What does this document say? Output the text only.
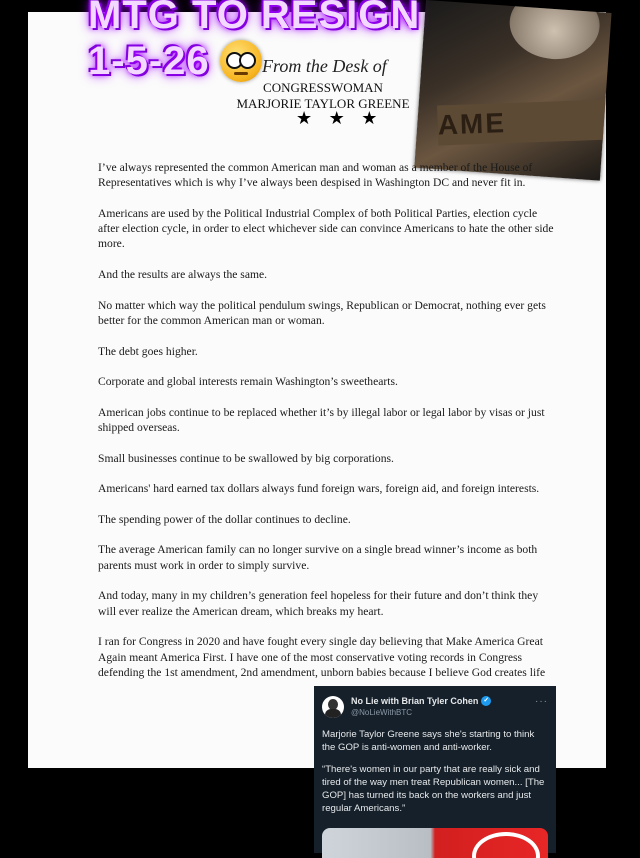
AME
MTG TO RESIGN
1-5-26	From the Desk of
CONGRESSWOMAN
MARJORIE TAYLOR GREENE
★ ★ ★

I’ve always represented the common American man and woman as a member of the House of Representatives which is why I’ve always been despised in Washington DC and never fit in.

Americans are used by the Political Industrial Complex of both Political Parties, election cycle after election cycle, in order to elect whichever side can convince Americans to hate the other side more.

And the results are always the same.

No matter which way the political pendulum swings, Republican or Democrat, nothing ever gets better for the common American man or woman.

The debt goes higher.

Corporate and global interests remain Washington’s sweethearts.

American jobs continue to be replaced whether it’s by illegal labor or legal labor by visas or just shipped overseas.

Small businesses continue to be swallowed by big corporations.

Americans' hard earned tax dollars always fund foreign wars, foreign aid, and foreign interests.

The spending power of the dollar continues to decline.

The average American family can no longer survive on a single bread winner’s income as both parents must work in order to simply survive.

And today, many in my children’s generation feel hopeless for their future and don’t think they will ever realize the American dream, which breaks my heart.

I ran for Congress in 2020 and have fought every single day believing that Make America Great Again meant America First. I have one of the most conservative voting records in Congress defending the 1st amendment, 2nd amendment, unborn babies because I believe God creates life

No Lie with Brian Tyler Cohen ✓
@NoLieWithBTC
···

Marjorie Taylor Greene says she's starting to think the GOP is anti-women and anti-worker.

“There's women in our party that are really sick and tired of the way men treat Republican women... [The GOP] has turned its back on the workers and just regular Americans.”
